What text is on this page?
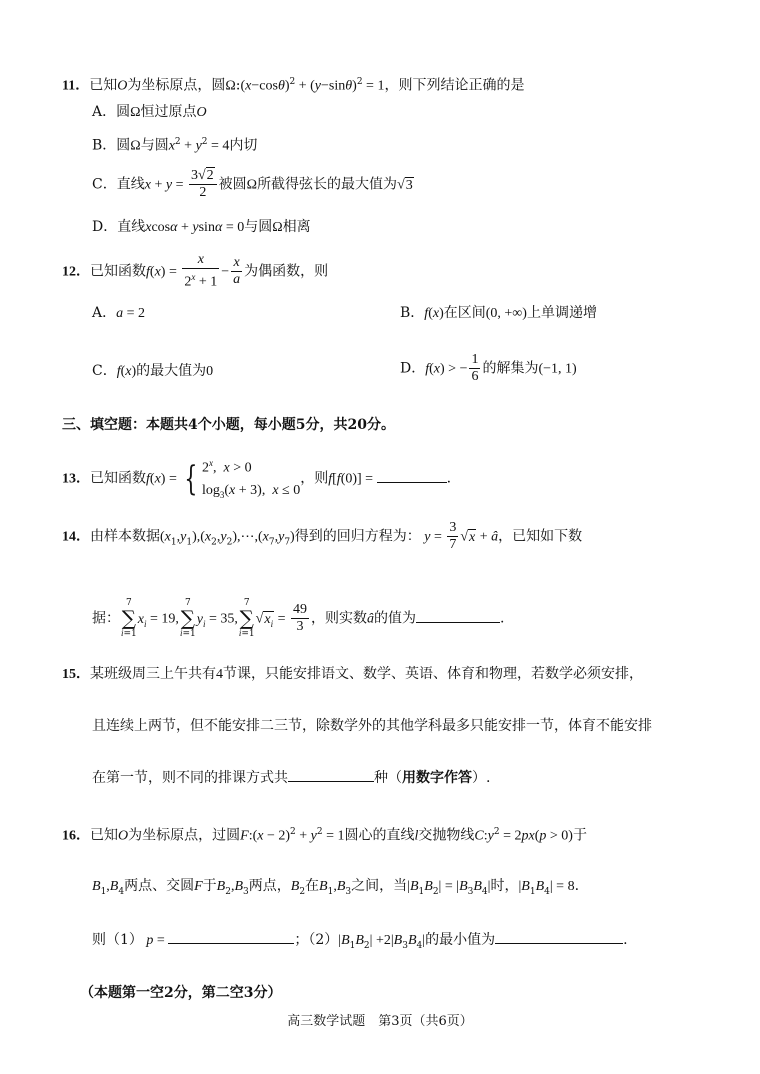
11．已知O为坐标原点，圆$\Omega:(x-\cos\theta)^2 + (y-\sin\theta)^2 = 1$，则下列结论正确的是
A．圆Ω恒过原点O
B．圆Ω与圆$x^2 + y^2 = 4$内切
C．直线$x + y = \frac{3√2}{2}$ 被圆Ω所截得弦长的最大值为√3
D．直线xcosα + ysinα = 0与圆Ω相离
12．已知函数$f(x) = \frac{x}{2^x + 1} - \frac{x}{a}$ 为偶函数，则
A．a = 2	B．f(x)在区间(0, +∞)上单调递增
C．f(x)的最大值为0	D．f(x) > − $\frac{1}{6}$ 的解集为(−1, 1)
三、填空题：本题共4个小题，每小题5分，共20分。
13．已知函数f(x) = { 2$^x$,  x > 0
$\log_3(x + 3)$,  x ≤ 0
，则f[f(0)] =	.
14．由样本数据$(x_1,y_1),(x_2,y_2),\cdots,(x_7,y_7)$得到的回归方程为： $y = \frac{3}{7} √x$ + â，已知如下数
据：7
∑
$i=1x_i = 19,7$
∑
$i=1y_i = 35,7$
∑
$i=1√x_i = \frac{49}{3}$ ，则实数â的值为	.
15．某班级周三上午共有4节课，只能安排语文、数学、英语、体育和物理，若数学必须安排，
且连续上两节，但不能安排二三节，除数学外的其他学科最多只能安排一节，体育不能安排
在第一节，则不同的排课方式共	种（用数字作答）.
16．已知O为坐标原点，过圆F:(x − $2)^2 + y^2 = 1$圆心的直线l交抛物线$C:y^2 = 2px(p > 0)$于
$B_1,B_4$两点、交圆F于$B_2,B_3$两点，$B_2$在$B_1,B_3$之间，当$|B_1B_2| = |B_3B_4|$时，$|B_1B_4| = 8$.
则（1） p =	；$(2)|B_1B_2| +2|B_3B_4|$的最小值为	.
（本题第一空2分，第二空3分）
高三数学试题　第3页（共6页）
